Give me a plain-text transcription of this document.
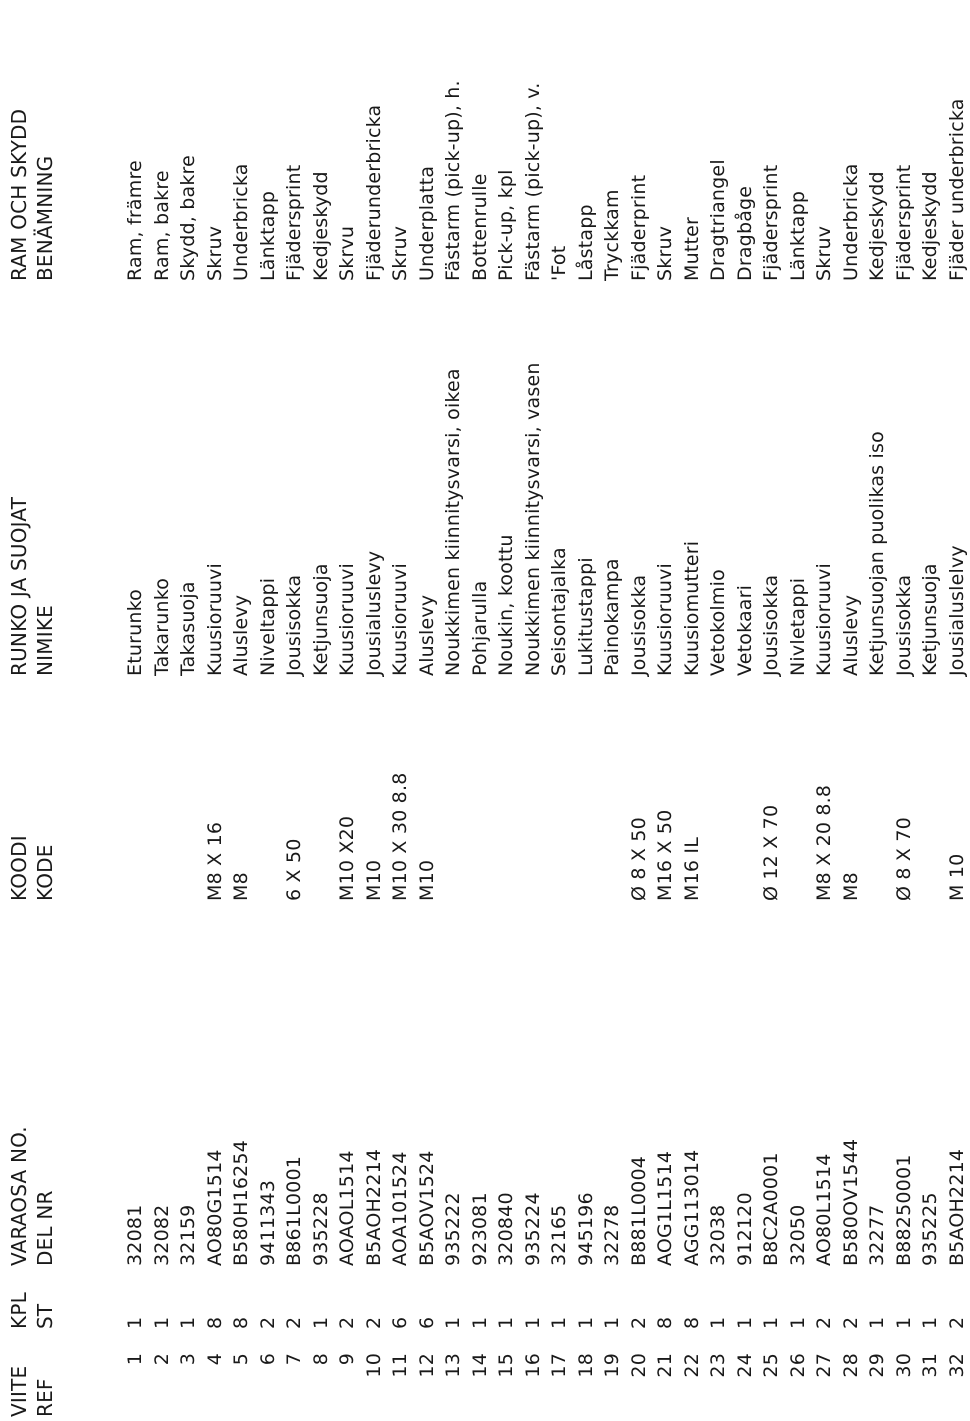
VIITE
KPL
VARAOSA NO.
KOODI
RUNKO JA SUOJAT
RAM OCH SKYDD
REF
ST
DEL NR
KODE
NIMIKE
BENÄMNING
1
1
32081
Eturunko
Ram, främre
2
1
32082
Takarunko
Ram, bakre
3
1
32159
Takasuoja
Skydd, bakre
4
8
AO80G1514
M8 X 16
Kuusioruuvi
Skruv
5
8
B580H16254
M8
Aluslevy
Underbricka
6
2
9411343
Niveltappi
Länktapp
7
2
B861L0001
6 X 50
Jousisokka
Fjädersprint
8
1
935228
Ketjunsuoja
Kedjeskydd
9
2
AOAOL1514
M10 X20
Kuusioruuvi
Skrvu
10
2
B5AOH2214
M10
Jousialuslevy
Fjäderunderbricka
11
6
AOA101524
M10 X 30 8.8
Kuusioruuvi
Skruv
12
6
B5AOV1524
M10
Aluslevy
Underplatta
13
1
935222
Noukkimen kiinnitysvarsi, oikea
Fästarm (pick-up), h.
14
1
923081
Pohjarulla
Bottenrulle
15
1
320840
Noukin, koottu
Pick-up, kpl
16
1
935224
Noukkimen kiinnitysvarsi, vasen
Fästarm (pick-up), v.
17
1
32165
Seisontajalka
'Fot
18
1
945196
Lukitustappi
Låstapp
19
1
32278
Painokampa
Tryckkam
20
2
B881L0004
Ø 8 X 50
Jousisokka
Fjäderprint
21
8
AOG1L1514
M16 X 50
Kuusioruuvi
Skruv
22
8
AGG113014
M16 IL
Kuusiomutteri
Mutter
23
1
32038
Vetokolmio
Dragtriangel
24
1
912120
Vetokaari
Dragbåge
25
1
B8C2A0001
Ø 12 X 70
Jousisokka
Fjädersprint
26
1
32050
Nivletappi
Länktapp
27
2
AO80L1514
M8 X 20 8.8
Kuusioruuvi
Skruv
28
2
B580OV1544
M8
Aluslevy
Underbricka
29
1
32277
Ketjunsuojan puolikas iso
Kedjeskydd
30
1
B88250001
Ø 8 X 70
Jousisokka
Fjädersprint
31
1
935225
Ketjunsuoja
Kedjeskydd
32
2
B5AOH2214
M 10
Jousialuslelvy
Fjäder underbricka
